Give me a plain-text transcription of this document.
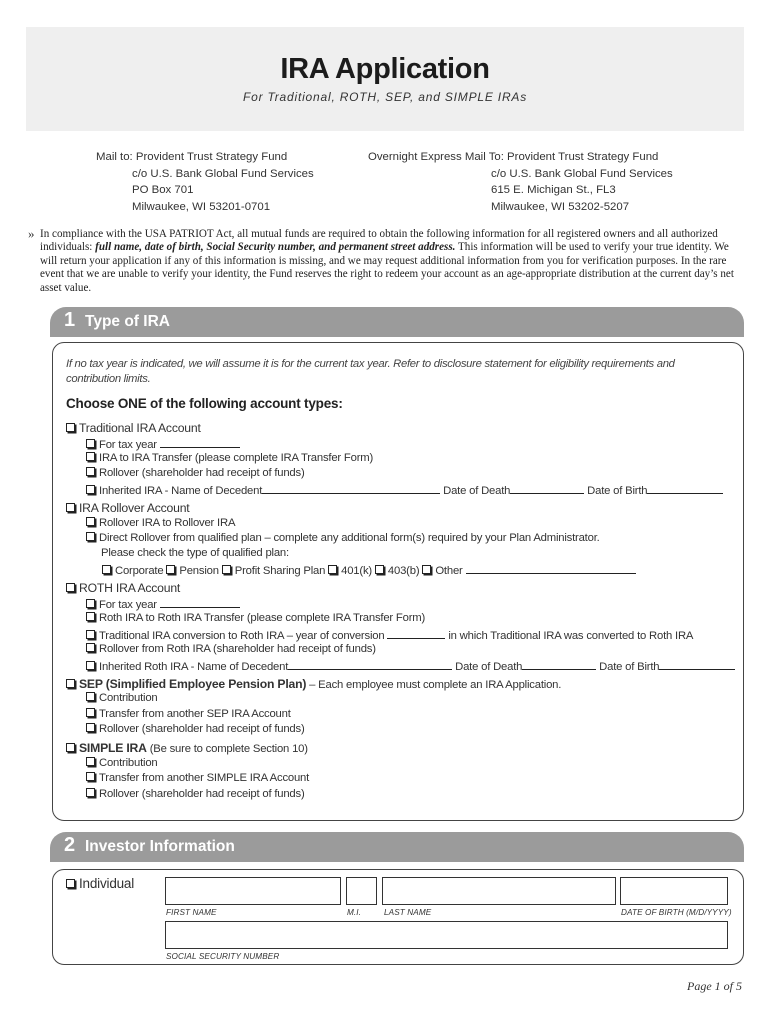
IRA Application
For Traditional, ROTH, SEP, and SIMPLE IRAs
Mail to: Provident Trust Strategy Fund
c/o U.S. Bank Global Fund Services
PO Box 701
Milwaukee, WI 53201-0701
Overnight Express Mail To: Provident Trust Strategy Fund
c/o U.S. Bank Global Fund Services
615 E. Michigan St., FL3
Milwaukee, WI 53202-5207
» In compliance with the USA PATRIOT Act, all mutual funds are required to obtain the following information for all registered owners and all authorized individuals: full name, date of birth, Social Security number, and permanent street address. This information will be used to verify your true identity. We will return your application if any of this information is missing, and we may request additional information from you for verification purposes. In the rare event that we are unable to verify your identity, the Fund reserves the right to redeem your account as an age-appropriate distribution at the current day’s net asset value.
1 Type of IRA
If no tax year is indicated, we will assume it is for the current tax year. Refer to disclosure statement for eligibility requirements and contribution limits.
Choose ONE of the following account types:
Traditional IRA Account
For tax year
IRA to IRA Transfer (please complete IRA Transfer Form)
Rollover (shareholder had receipt of funds)
Inherited IRA - Name of Decedent	Date of Death	Date of Birth
IRA Rollover Account
Rollover IRA to Rollover IRA
Direct Rollover from qualified plan – complete any additional form(s) required by your Plan Administrator.
Please check the type of qualified plan:
Corporate Pension Profit Sharing Plan 401(k) 403(b) Other
ROTH IRA Account
For tax year
Roth IRA to Roth IRA Transfer (please complete IRA Transfer Form)
Traditional IRA conversion to Roth IRA – year of conversion	in which Traditional IRA was converted to Roth IRA
Rollover from Roth IRA (shareholder had receipt of funds)
Inherited Roth IRA - Name of Decedent	Date of Death	Date of Birth
SEP (Simplified Employee Pension Plan) – Each employee must complete an IRA Application.
Contribution
Transfer from another SEP IRA Account
Rollover (shareholder had receipt of funds)
SIMPLE IRA (Be sure to complete Section 10)
Contribution
Transfer from another SIMPLE IRA Account
Rollover (shareholder had receipt of funds)
2 Investor Information
Individual
FIRST NAME	M.I.	LAST NAME	DATE OF BIRTH (M/D/YYYY)
SOCIAL SECURITY NUMBER
Page 1 of 5
